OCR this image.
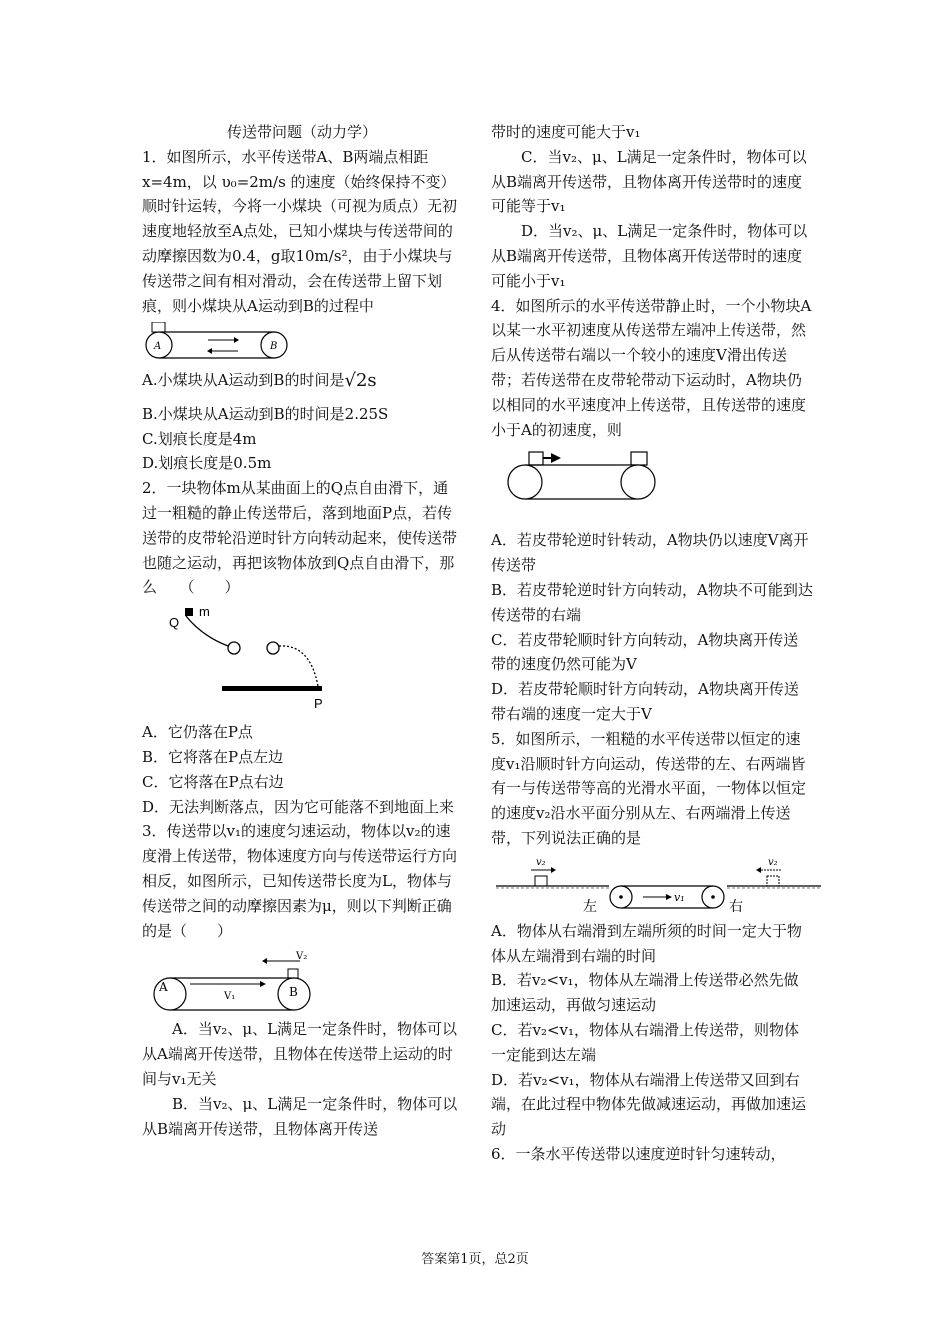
传送带问题（动力学）

1．如图所示，水平传送带A、B两端点相距x=4m，以 υ₀=2m/s 的速度（始终保持不变）顺时针运转，今将一小煤块（可视为质点）无初速度地轻放至A点处，已知小煤块与传送带间的动摩擦因数为0.4，g取10m/s²，由于小煤块与传送带之间有相对滑动，会在传送带上留下划痕，则小煤块从A运动到B的过程中

A	B

A.小煤块从A运动到B的时间是√2s

B.小煤块从A运动到B的时间是2.25S

C.划痕长度是4m

D.划痕长度是0.5m

2．一块物体m从某曲面上的Q点自由滑下，通过一粗糙的静止传送带后，落到地面P点，若传送带的皮带轮沿逆时针方向转动起来，使传送带也随之运动，再把该物体放到Q点自由滑下，那么　　（　　）

m
Q
P

A．它仍落在P点

B．它将落在P点左边

C．它将落在P点右边

D．无法判断落点，因为它可能落不到地面上来

3．传送带以v₁的速度匀速运动，物体以v₂的速度滑上传送带，物体速度方向与传送带运行方向相反，如图所示，已知传送带长度为L，物体与传送带之间的动摩擦因素为μ，则以下判断正确的是（　　）

V₂
A	B
V₁

A．当v₂、μ、L满足一定条件时，物体可以从A端离开传送带，且物体在传送带上运动的时间与v₁无关

B．当v₂、μ、L满足一定条件时，物体可以从B端离开传送带，且物体离开传送

带时的速度可能大于v₁

C．当v₂、μ、L满足一定条件时，物体可以从B端离开传送带，且物体离开传送带时的速度可能等于v₁

D．当v₂、μ、L满足一定条件时，物体可以从B端离开传送带，且物体离开传送带时的速度可能小于v₁

4．如图所示的水平传送带静止时，一个小物块A以某一水平初速度从传送带左端冲上传送带，然后从传送带右端以一个较小的速度V滑出传送带；若传送带在皮带轮带动下运动时，A物块仍以相同的水平速度冲上传送带，且传送带的速度小于A的初速度，则

A．若皮带轮逆时针转动，A物块仍以速度V离开传送带

B．若皮带轮逆时针方向转动，A物块不可能到达传送带的右端

C．若皮带轮顺时针方向转动，A物块离开传送带的速度仍然可能为V

D．若皮带轮顺时针方向转动，A物块离开传送带右端的速度一定大于V

5．如图所示，一粗糙的水平传送带以恒定的速度v₁沿顺时针方向运动，传送带的左、右两端皆有一与传送带等高的光滑水平面，一物体以恒定的速度v₂沿水平面分别从左、右两端滑上传送带，下列说法正确的是

v₂	v₂
v₁
左	右

A．物体从右端滑到左端所须的时间一定大于物体从左端滑到右端的时间

B．若v₂<v₁，物体从左端滑上传送带必然先做加速运动，再做匀速运动

C．若v₂<v₁，物体从右端滑上传送带，则物体一定能到达左端

D．若v₂<v₁，物体从右端滑上传送带又回到右端，在此过程中物体先做减速运动，再做加速运动

6．一条水平传送带以速度逆时针匀速转动，

答案第1页，总2页
